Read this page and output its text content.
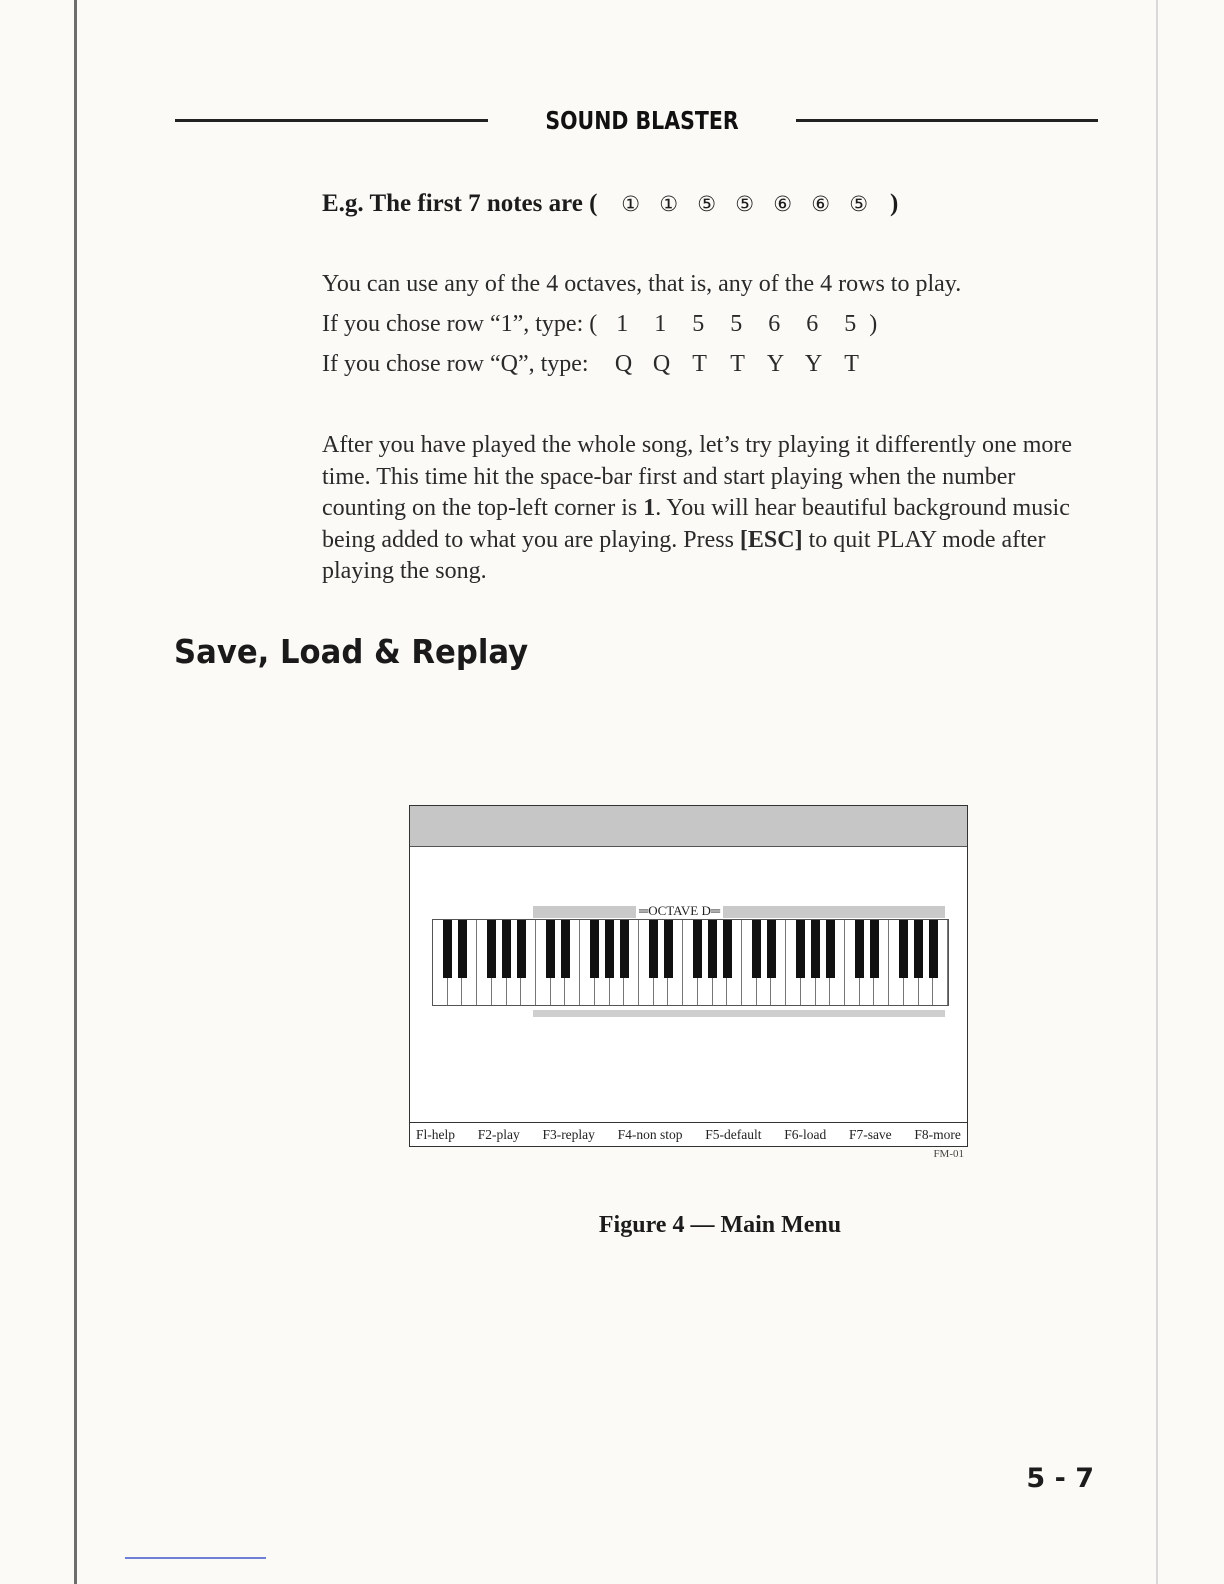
SOUND BLASTER
E.g. The first 7 notes are ( ① ① ⑤ ⑤ ⑥ ⑥ ⑤ )
You can use any of the 4 octaves, that is, any of the 4 rows to play.
If you chose row “1”, type: ( 1 1 5 5 6 6 5 )
If you chose row “Q”, type: Q Q T T Y Y T
After you have played the whole song, let’s try playing it differently one more time. This time hit the space-bar first and start playing when the number counting on the top-left corner is 1. You will hear beautiful background music being added to what you are playing. Press [ESC] to quit PLAY mode after playing the song.
Save, Load & Replay
═OCTAVE D═
Fl-help F2-play F3-replay F4-non stop F5-default F6-load F7-save F8-more
FM-01
Figure 4 — Main Menu
5 - 7
